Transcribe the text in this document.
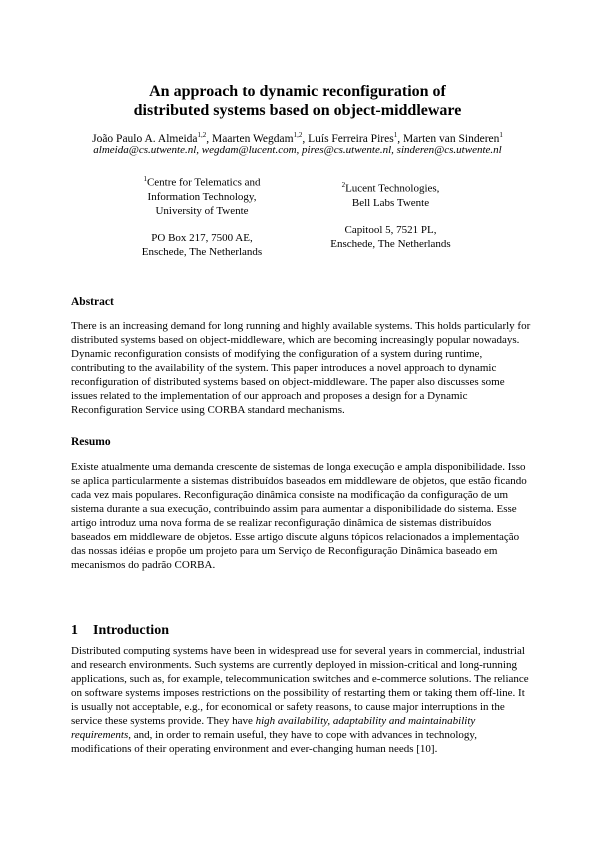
An approach to dynamic reconfiguration of
distributed systems based on object-middleware
João Paulo A. Almeida$^{1,2}$, Maarten Wegdam$^{1,2}$, Luís Ferreira Pires$^1$, Marten van Sinderen$^1$
almeida@cs.utwente.nl, wegdam@lucent.com, pires@cs.utwente.nl, sinderen@cs.utwente.nl
$^1$Centre for Telematics and
Information Technology,
University of Twente
PO Box 217, 7500 AE,
Enschede, The Netherlands
$^2$Lucent Technologies,
Bell Labs Twente
Capitool 5, 7521 PL,
Enschede, The Netherlands
Abstract
There is an increasing demand for long running and highly available systems. This holds particularly for distributed systems based on object-middleware, which are becoming increasingly popular nowadays. Dynamic reconfiguration consists of modifying the configuration of a system during runtime, contributing to the availability of the system. This paper introduces a novel approach to dynamic reconfiguration of distributed systems based on object-middleware. The paper also discusses some issues related to the implementation of our approach and proposes a design for a Dynamic Reconfiguration Service using CORBA standard mechanisms.
Resumo
Existe atualmente uma demanda crescente de sistemas de longa execução e ampla disponibilidade. Isso se aplica particularmente a sistemas distribuídos baseados em middleware de objetos, que estão ficando cada vez mais populares. Reconfiguração dinâmica consiste na modificação da configuração de um sistema durante a sua execução, contribuindo assim para aumentar a disponibilidade do sistema. Esse artigo introduz uma nova forma de se realizar reconfiguração dinâmica de sistemas distribuídos baseados em middleware de objetos. Esse artigo discute alguns tópicos relacionados a implementação das nossas idéias e propõe um projeto para um Serviço de Reconfiguração Dinâmica baseado em mecanismos do padrão CORBA.
1 Introduction
Distributed computing systems have been in widespread use for several years in commercial, industrial and research environments. Such systems are currently deployed in mission-critical and long-running applications, such as, for example, telecommunication switches and e-commerce solutions. The reliance on software systems imposes restrictions on the possibility of restarting them or taking them off-line. It is usually not acceptable, e.g., for economical or safety reasons, to cause major interruptions in the service these systems provide. They have high availability, adaptability and maintainability requirements, and, in order to remain useful, they have to cope with advances in technology, modifications of their operating environment and ever-changing human needs [10].
